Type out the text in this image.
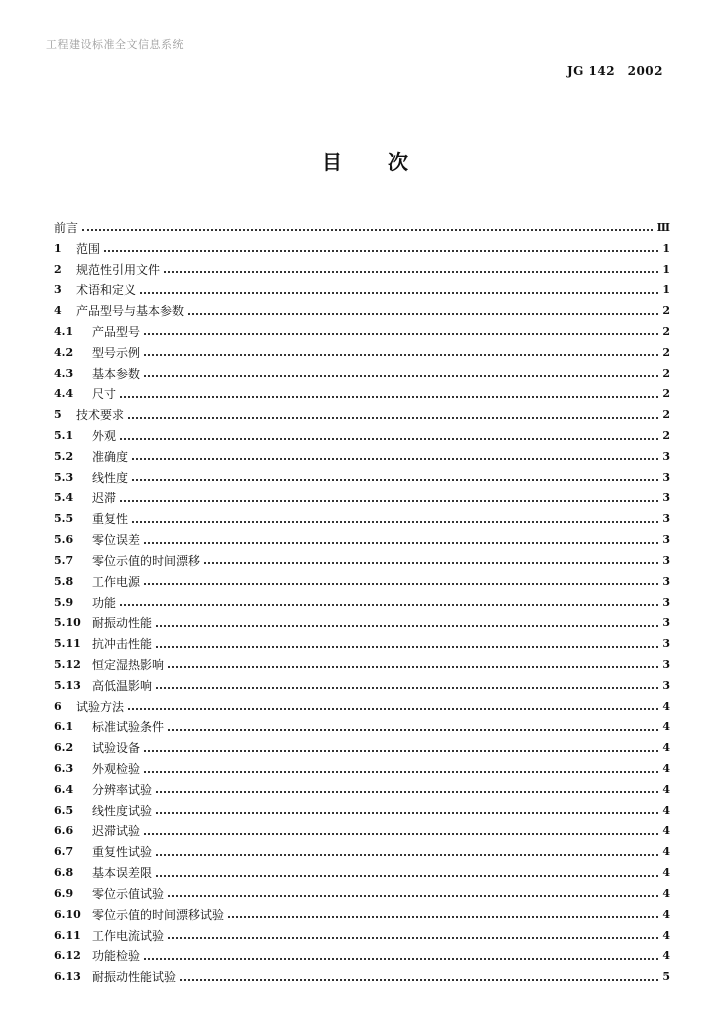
工程建设标准全文信息系统
JG 142　2002
目次
前言	Ⅲ
1	范围	1
2	规范性引用文件	1
3	术语和定义	1
4	产品型号与基本参数	2
4.1	产品型号	2
4.2	型号示例	2
4.3	基本参数	2
4.4	尺寸	2
5	技术要求	2
5.1	外观	2
5.2	准确度	3
5.3	线性度	3
5.4	迟滞	3
5.5	重复性	3
5.6	零位误差	3
5.7	零位示值的时间漂移	3
5.8	工作电源	3
5.9	功能	3
5.10 耐振动性能	3
5.11 抗冲击性能	3
5.12 恒定湿热影响	3
5.13 高低温影响	3
6	试验方法	4
6.1	标准试验条件	4
6.2	试验设备	4
6.3	外观检验	4
6.4	分辨率试验	4
6.5	线性度试验	4
6.6	迟滞试验	4
6.7	重复性试验	4
6.8	基本误差限	4
6.9	零位示值试验	4
6.10 零位示值的时间漂移试验	4
6.11 工作电流试验	4
6.12 功能检验	4
6.13 耐振动性能试验	5
